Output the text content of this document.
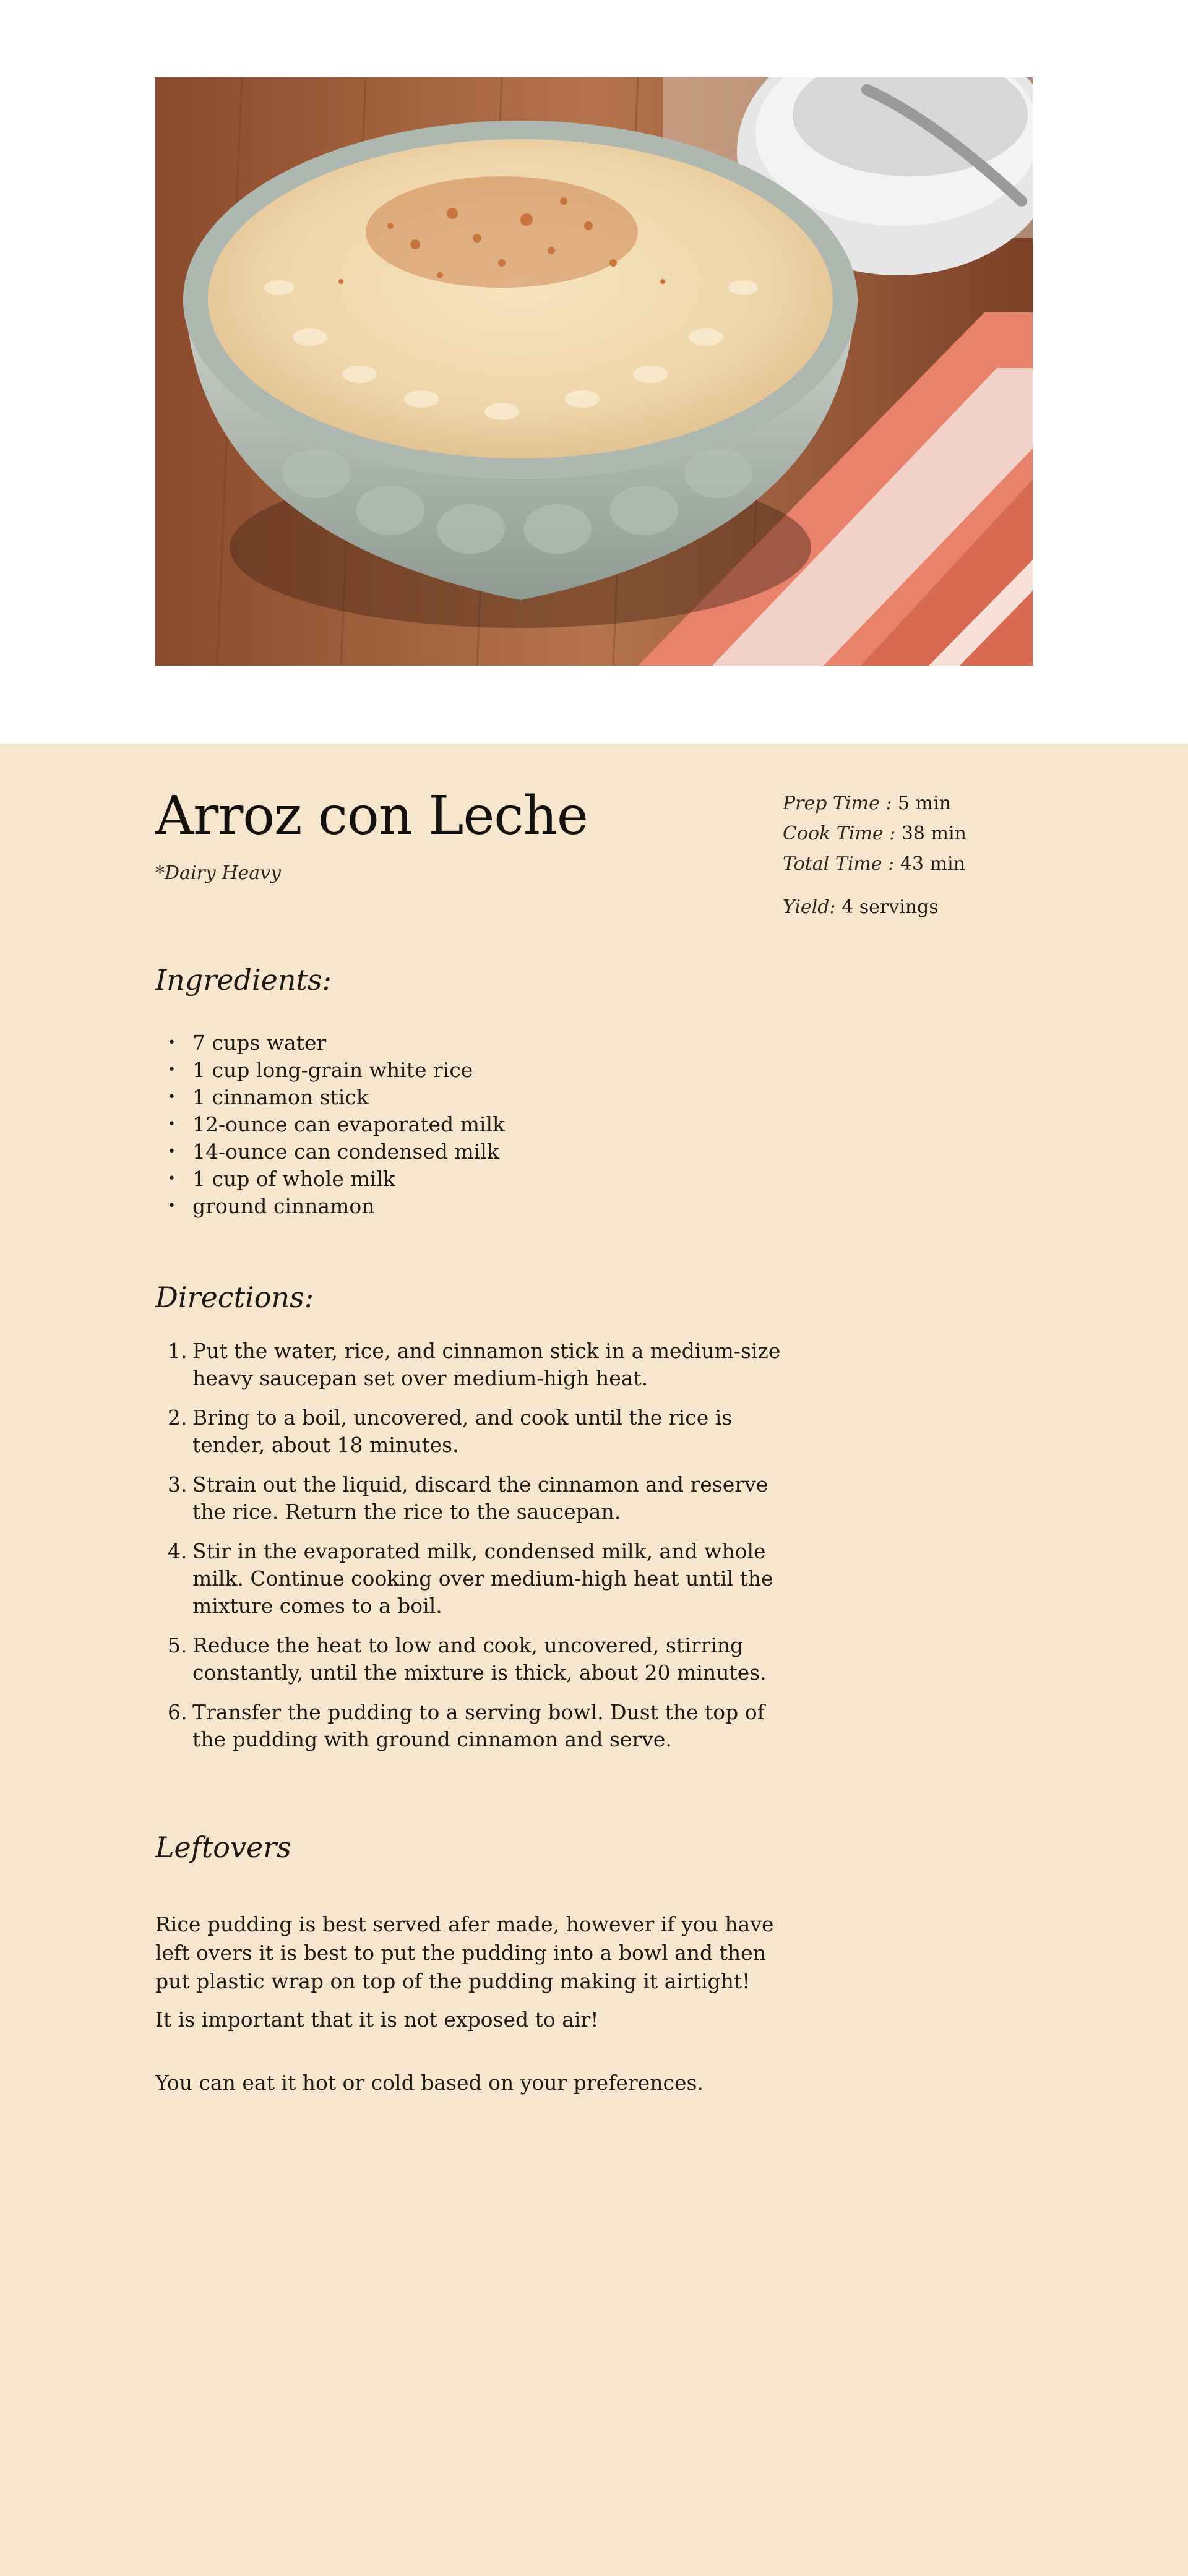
Arroz con Leche
*Dairy Heavy
Prep Time : 5 min
Cook Time : 38 min
Total Time : 43 min
Yield: 4 servings
Ingredients:
• 7 cups water
• 1 cup long-grain white rice
• 1 cinnamon stick
• 12-ounce can evaporated milk
• 14-ounce can condensed milk
• 1 cup of whole milk
• ground cinnamon
Directions:
1. Put the water, rice, and cinnamon stick in a medium-size heavy saucepan set over medium-high heat.
2. Bring to a boil, uncovered, and cook until the rice is tender, about 18 minutes.
3. Strain out the liquid, discard the cinnamon and reserve the rice. Return the rice to the saucepan.
4. Stir in the evaporated milk, condensed milk, and whole milk. Continue cooking over medium-high heat until the mixture comes to a boil.
5. Reduce the heat to low and cook, uncovered, stirring constantly, until the mixture is thick, about 20 minutes.
6. Transfer the pudding to a serving bowl. Dust the top of the pudding with ground cinnamon and serve.
Leftovers

Rice pudding is best served afer made, however if you have left overs it is best to put the pudding into a bowl and then put plastic wrap on top of the pudding making it airtight!

It is important that it is not exposed to air!

You can eat it hot or cold based on your preferences.
